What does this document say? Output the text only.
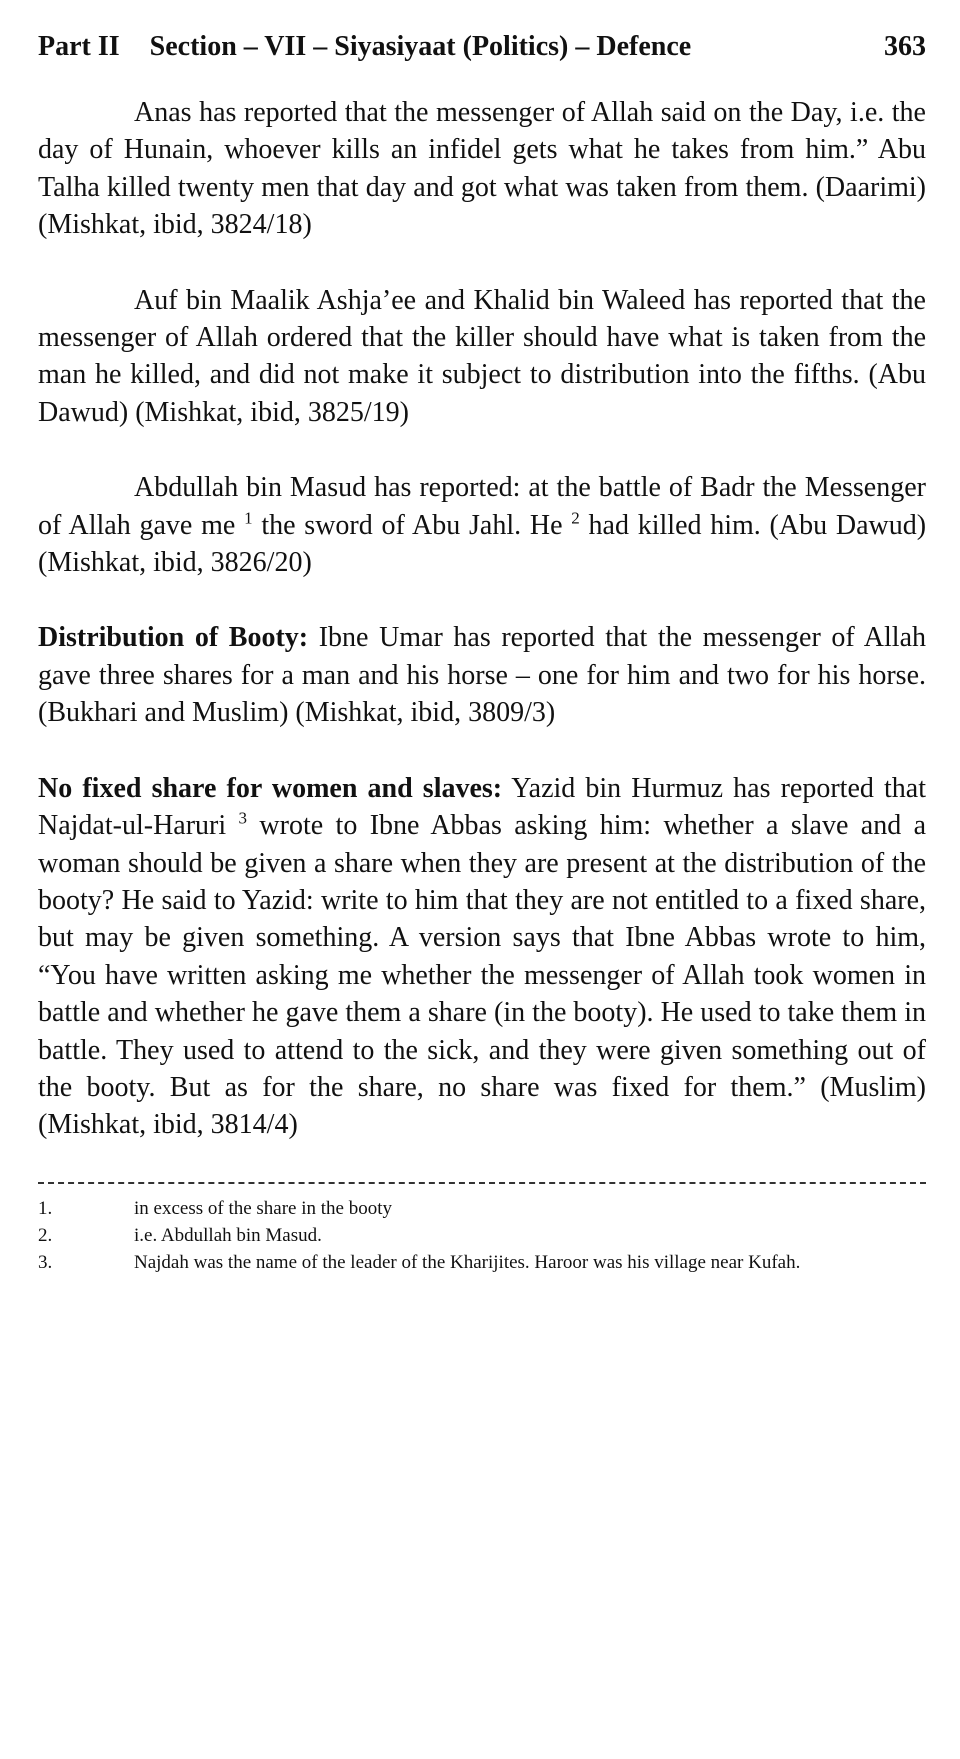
Part II Section – VII – Siyasiyaat (Politics) – Defence	363

Anas has reported that the messenger of Allah said on the Day, i.e. the day of Hunain, whoever kills an infidel gets what he takes from him.” Abu Talha killed twenty men that day and got what was taken from them. (Daarimi) (Mishkat, ibid, 3824/18)

Auf bin Maalik Ashja’ee and Khalid bin Waleed has reported that the messenger of Allah ordered that the killer should have what is taken from the man he killed, and did not make it subject to distribution into the fifths. (Abu Dawud) (Mishkat, ibid, 3825/19)

Abdullah bin Masud has reported: at the battle of Badr the Messenger of Allah gave me $^1$ the sword of Abu Jahl. He $^2$ had killed him. (Abu Dawud) (Mishkat, ibid, 3826/20)

Distribution of Booty: Ibne Umar has reported that the messenger of Allah gave three shares for a man and his horse – one for him and two for his horse. (Bukhari and Muslim) (Mishkat, ibid, 3809/3)

No fixed share for women and slaves: Yazid bin Hurmuz has reported that Najdat-ul-Haruri $^3$ wrote to Ibne Abbas asking him: whether a slave and a woman should be given a share when they are present at the distribution of the booty? He said to Yazid: write to him that they are not entitled to a fixed share, but may be given something. A version says that Ibne Abbas wrote to him, “You have written asking me whether the messenger of Allah took women in battle and whether he gave them a share (in the booty). He used to take them in battle. They used to attend to the sick, and they were given something out of the booty. But as for the share, no share was fixed for them.” (Muslim) (Mishkat, ibid, 3814/4)

1.	in excess of the share in the booty
2.	i.e. Abdullah bin Masud.
3.	Najdah was the name of the leader of the Kharijites. Haroor was his village near Kufah.
